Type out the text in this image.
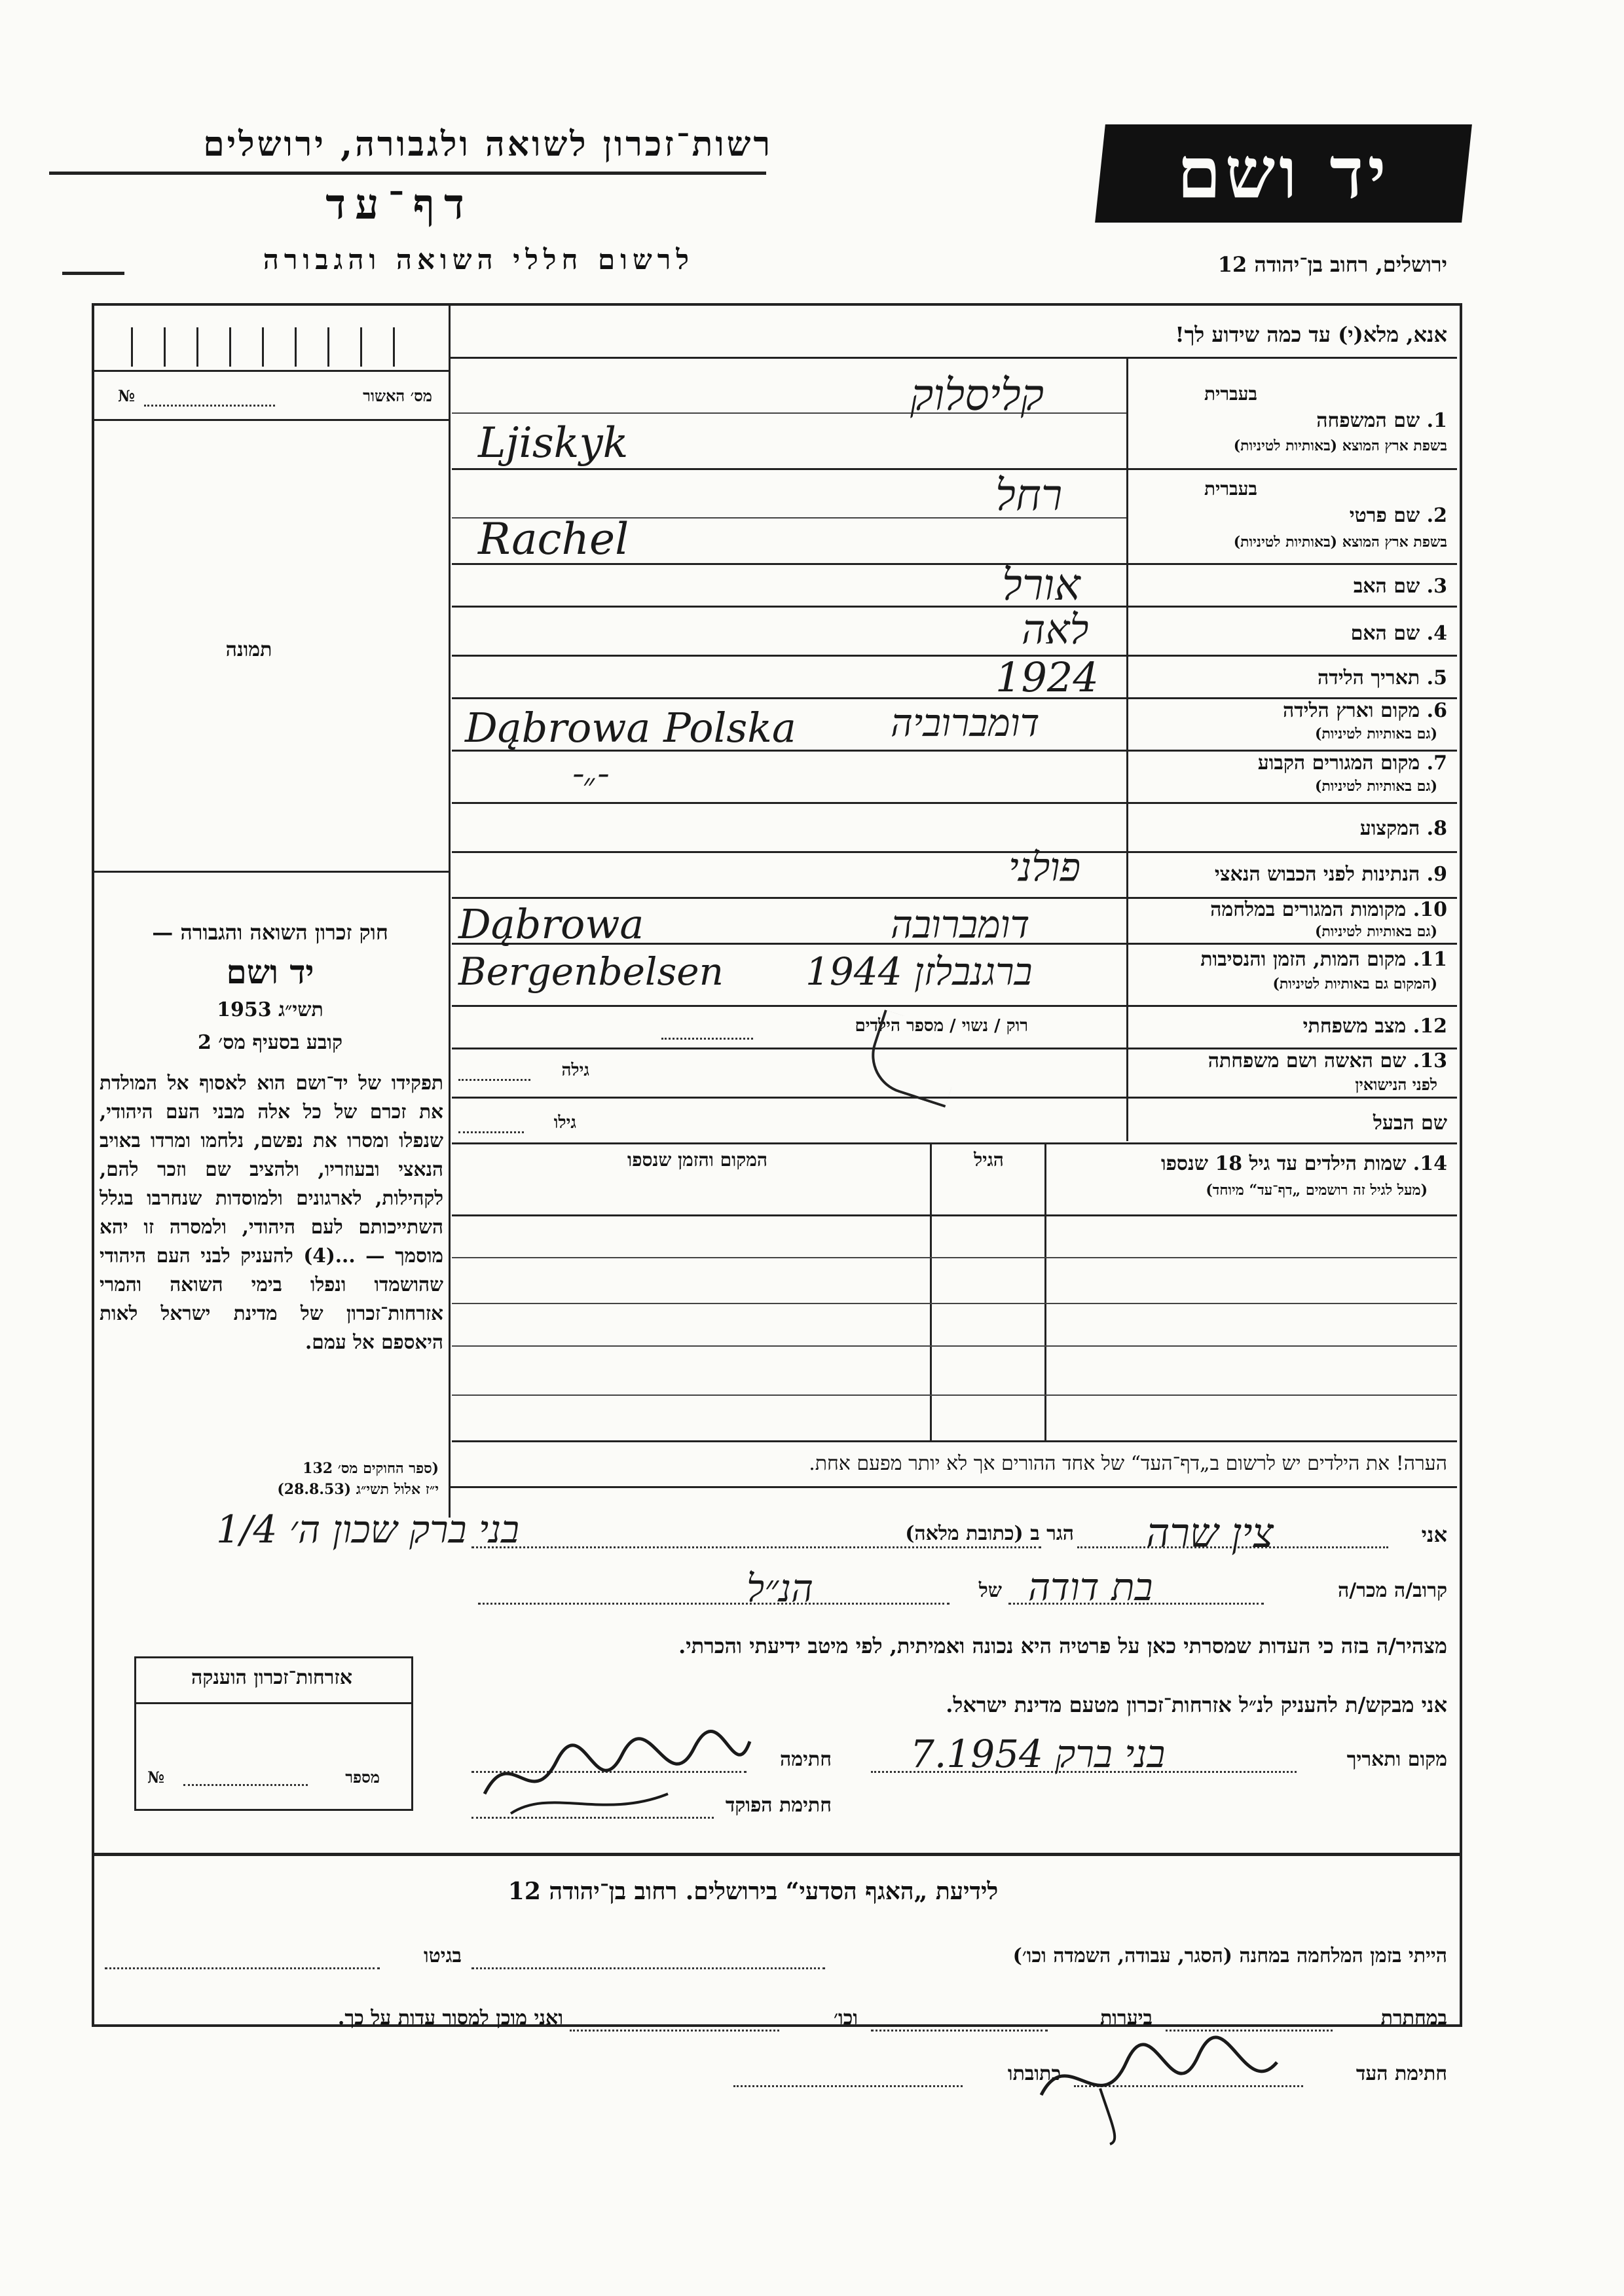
רשות־זכרון לשואה ולגבורה, ירושלים
דף־עד
לרשום חללי השואה והגבורה
יד ושם
ירושלים, רחוב בן־יהודה 12
מס׳ האשור
№
תמונה
חוק זכרון השואה והגבורה —
יד ושם
תשי״ג 1953
קובע בסעיף מס׳ 2
תפקידו של יד־ושם הוא לאסוף אל המולדת את זכרם של כל אלה מבני העם היהודי, שנפלו ומסרו את נפשם, נלחמו ומרדו באויב הנאצי ובעוזריו, ולהציב שם וזכר להם, לקהילות, לארגונים ולמוסדות שנחרבו בגלל השתייכותם לעם היהודי, ולמסרה זו יהא מוסמך — ...(4) להעניק לבני העם היהודי שהושמדו ונפלו בימי השואה והמרי אזרחות־זכרון של מדינת ישראל לאות היאספם אל עמם.
(ספר החוקים מס׳ 132
י״ז אלול תשי״ג (28.8.53)
אנא, מלא(י) עד כמה שידוע לך!
בעברית
1. שם המשפחה
בשפת ארץ המוצא (באותיות לטיניות)
בעברית
2. שם פרטי
בשפת ארץ המוצא (באותיות לטיניות)
3. שם האב
4. שם האם
5. תאריך הלידה
6. מקום וארץ הלידה
(גם באותיות לטיניות)
7. מקום המגורים הקבוע
(גם באותיות לטיניות)
8. המקצוע
9. הנתינות לפני הכבוש הנאצי
10. מקומות המגורים במלחמה
(גם באותיות לטיניות)
11. מקום המות, הזמן והנסיבות
(המקום גם באותיות לטיניות)
12. מצב משפחתי
13. שם האשה ושם משפחתה
לפני הנישואין
שם הבעל
רוק / נשוי / מספר הילדים
גילה
גילו
14. שמות הילדים עד גיל 18 שנספו
(מעל לגיל זה רושמים „דף־עד“ מיוחד)
הגיל
המקום והזמן שנספו
הערה! את הילדים יש לרשום ב„דף־העד“ של אחד ההורים אך לא יותר מפעם אחת.
אני
הגר ב (כתובת מלאה)
קרוב/ה מכר/ה
של
מצהיר/ה בזה כי העדות שמסרתי כאן על פרטיה היא נכונה ואמיתית, לפי מיטב ידיעתי והכרתי.
אני מבקש/ת להעניק לנ״ל אזרחות־זכרון מטעם מדינת ישראל.
מקום ותאריך
חתימה
חתימת הפוקד
אזרחות־זכרון הוענקה
מספר
№
לידיעת „האגף הסדעי“ בירושלים. רחוב בן־יהודה 12
הייתי בזמן המלחמה במחנה (הסגר, עבודה, השמדה וכו׳)
בגיטו
במחתרת
ביערות
וכו׳
ואני מוכן למסור עדות על כך.
חתימת העד
כתובתו
קליסלוק
Ljiskyk
רחל
Rachel
אורל
לאה
1924
Dąbrowa Polska דומברוביה
־״־
פולני
Dąbrowa	דומברובה
Bergenbelsen ברגנבלזן 1944
צין שרה
בני ברק שכון ה׳ 1/4
בת דודה
הנ״ל
בני ברק 7.1954
